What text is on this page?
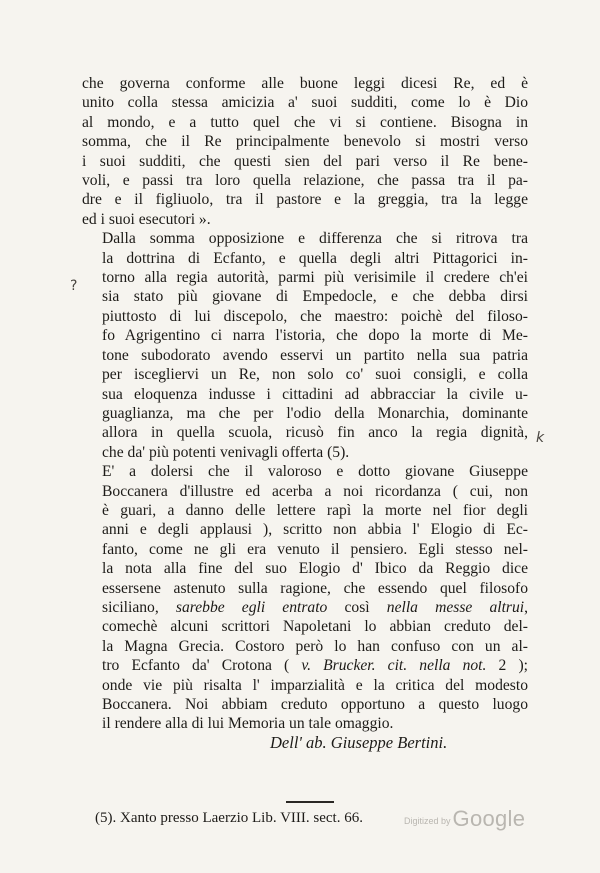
che governa conforme alle buone leggi dicesi Re, ed è
unito colla stessa amicizia a' suoi sudditi, come lo è Dio
al mondo, e a tutto quel che vi si contiene. Bisogna in
somma, che il Re principalmente benevolo si mostri verso
i suoi sudditi, che questi sien del pari verso il Re bene-
voli, e passi tra loro quella relazione, che passa tra il pa-
dre e il figliuolo, tra il pastore e la greggia, tra la legge
ed i suoi esecutori ».
Dalla somma opposizione e differenza che si ritrova tra
la dottrina di Ecfanto, e quella degli altri Pittagorici in-
torno alla regia autorità, parmi più verisimile il credere ch'ei
sia stato più giovane di Empedocle, e che debba dirsi
piuttosto di lui discepolo, che maestro: poichè del filoso-
fo Agrigentino ci narra l'istoria, che dopo la morte di Me-
tone subodorato avendo esservi un partito nella sua patria
per iscegliervi un Re, non solo co' suoi consigli, e colla
sua eloquenza indusse i cittadini ad abbracciar la civile u-
guaglianza, ma che per l'odio della Monarchia, dominante
allora in quella scuola, ricusò fin anco la regia dignità,
che da' più potenti venivagli offerta (5).
E' a dolersi che il valoroso e dotto giovane Giuseppe
Boccanera d'illustre ed acerba a noi ricordanza ( cui, non
è guari, a danno delle lettere rapì la morte nel fior degli
anni e degli applausi ), scritto non abbia l' Elogio di Ec-
fanto, come ne gli era venuto il pensiero. Egli stesso nel-
la nota alla fine del suo Elogio d' Ibico da Reggio dice
essersene astenuto sulla ragione, che essendo quel filosofo
siciliano, sarebbe egli entrato così nella messe altrui,
comechè alcuni scrittori Napoletani lo abbian creduto del-
la Magna Grecia. Costoro però lo han confuso con un al-
tro Ecfanto da' Crotona ( v. Brucker. cit. nella not. 2 );
onde vie più risalta l' imparzialità e la critica del modesto
Boccanera. Noi abbiam creduto opportuno a questo luogo
il rendere alla di lui Memoria un tale omaggio.
?
k
Dell' ab. Giuseppe Bertini.
(5). Xanto presso Laerzio Lib. VIII. sect. 66.	Digitized byGoogle
